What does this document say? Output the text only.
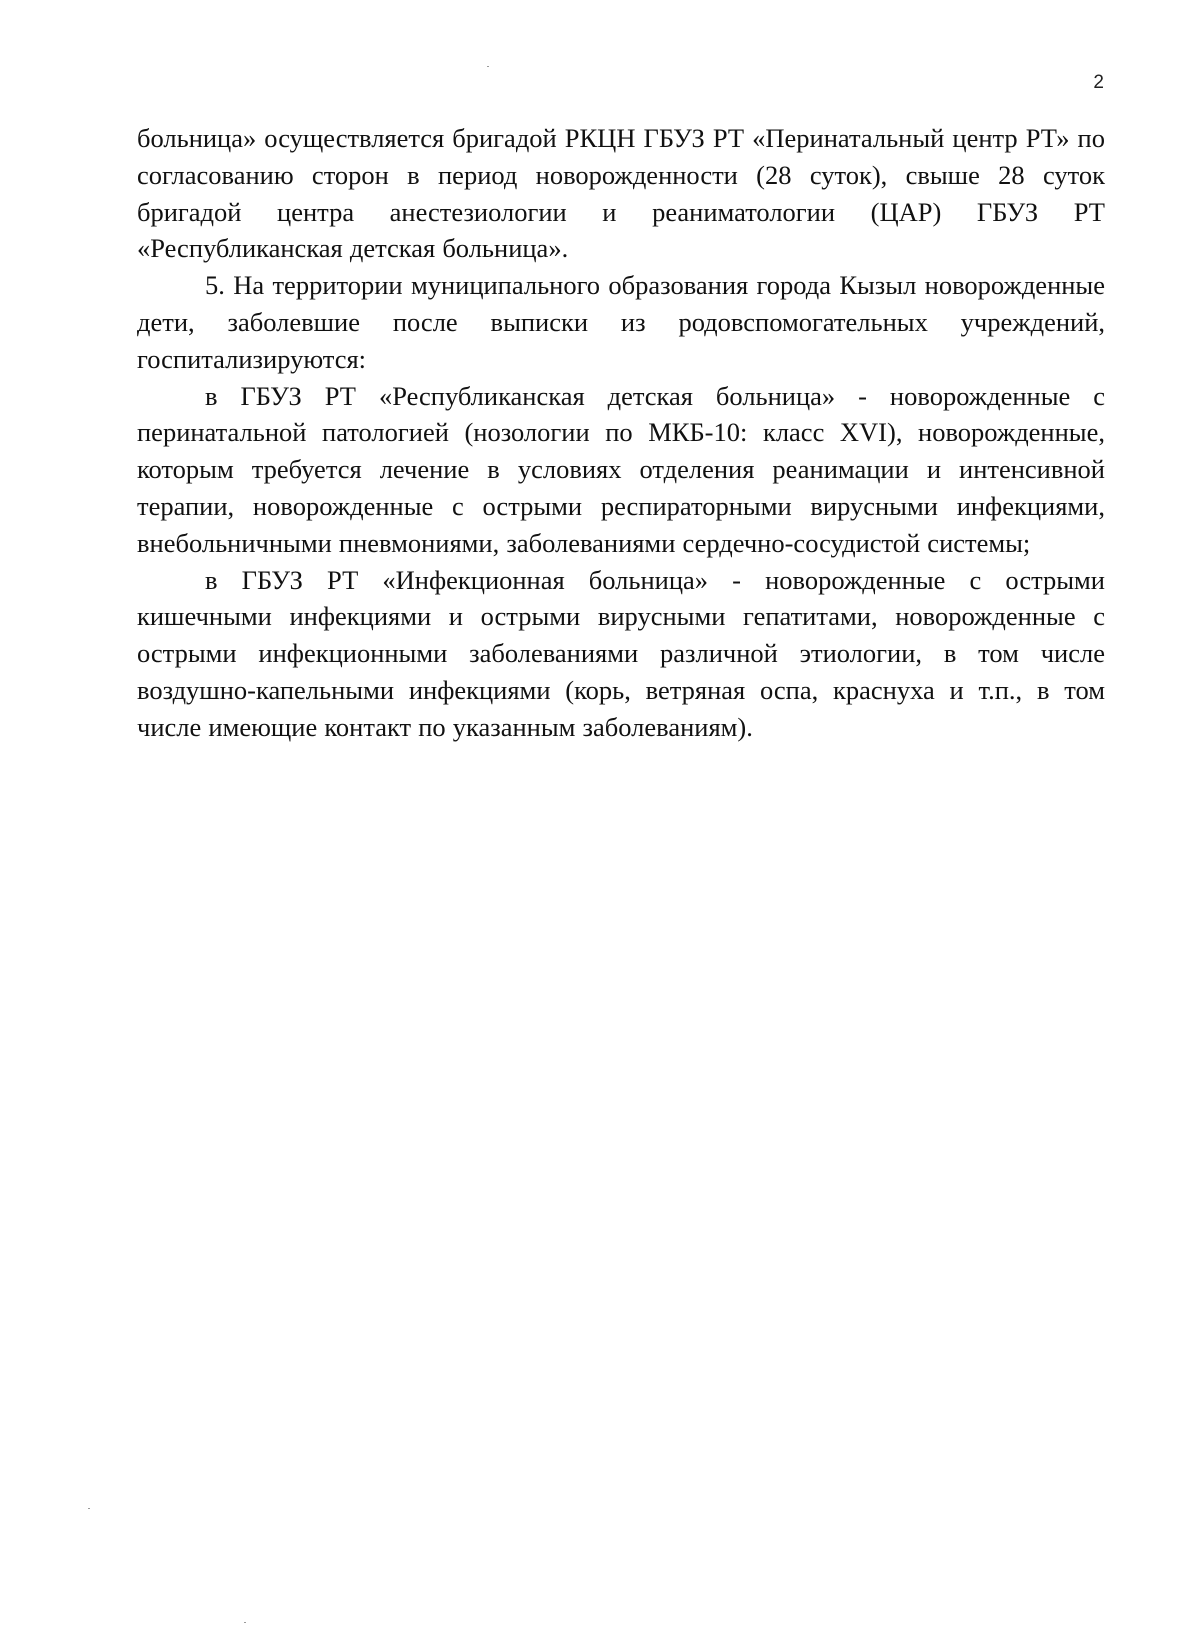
2

больница» осуществляется бригадой РКЦН ГБУЗ РТ «Перинатальный центр РТ» по согласованию сторон в период новорожденности (28 суток), свыше 28 суток бригадой центра анестезиологии и реаниматологии (ЦАР) ГБУЗ РТ «Республиканская детская больница».

5. На территории муниципального образования города Кызыл новорожденные дети, заболевшие после выписки из родовспомогательных учреждений, госпитализируются:

в ГБУЗ РТ «Республиканская детская больница» - новорожденные с перинатальной патологией (нозологии по МКБ-10: класс XVI), новорожденные, которым требуется лечение в условиях отделения реанимации и интенсивной терапии, новорожденные с острыми респираторными вирусными инфекциями, внебольничными пневмониями, заболеваниями сердечно-сосудистой системы;

в ГБУЗ РТ «Инфекционная больница» - новорожденные с острыми кишечными инфекциями и острыми вирусными гепатитами, новорожденные с острыми инфекционными заболеваниями различной этиологии, в том числе воздушно-капельными инфекциями (корь, ветряная оспа, краснуха и т.п., в том числе имеющие контакт по указанным заболеваниям).
